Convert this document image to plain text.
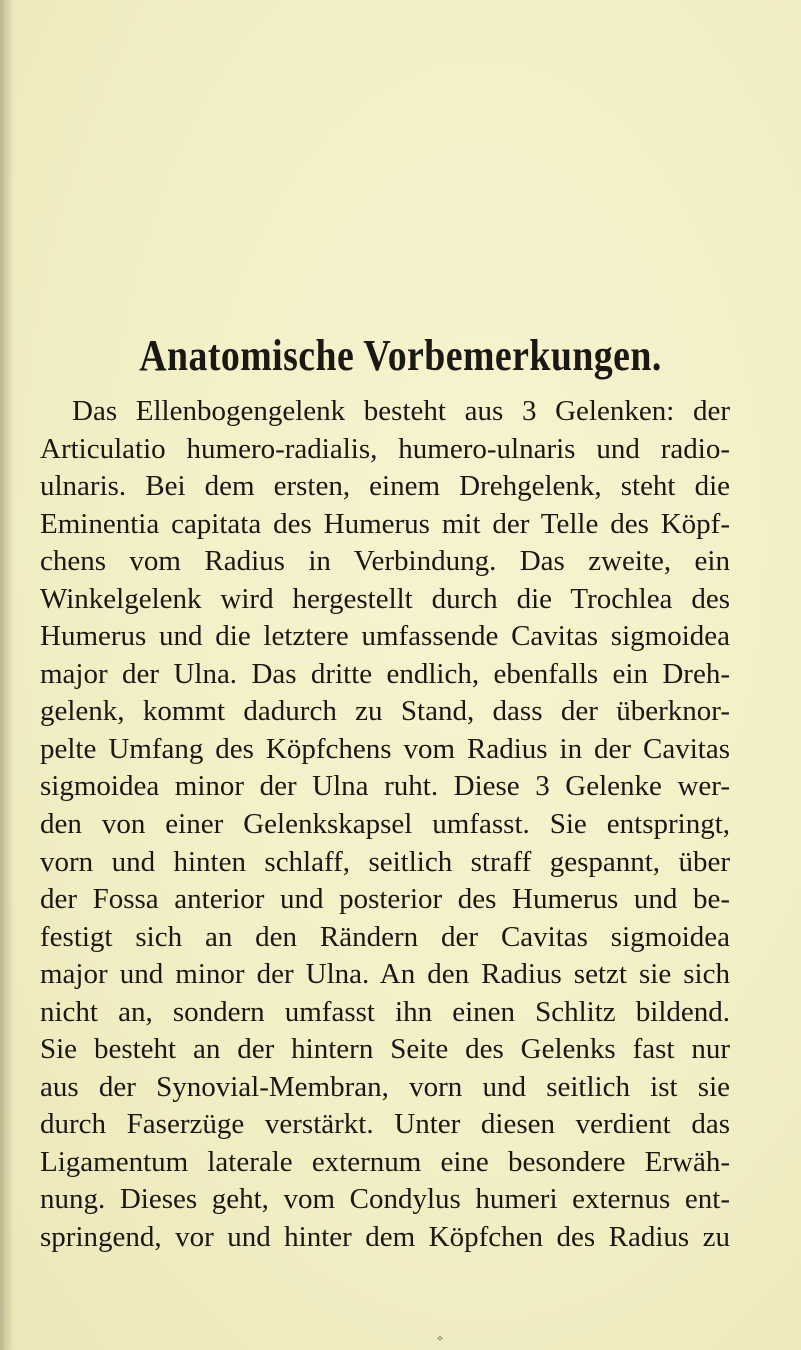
Anatomische Vorbemerkungen.
Das Ellenbogengelenk besteht aus 3 Gelenken: der
Articulatio humero-radialis, humero-ulnaris und radio-
ulnaris. Bei dem ersten, einem Drehgelenk, steht die
Eminentia capitata des Humerus mit der Telle des Köpf-
chens vom Radius in Verbindung. Das zweite, ein
Winkelgelenk wird hergestellt durch die Trochlea des
Humerus und die letztere umfassende Cavitas sigmoidea
major der Ulna. Das dritte endlich, ebenfalls ein Dreh-
gelenk, kommt dadurch zu Stand, dass der überknor-
pelte Umfang des Köpfchens vom Radius in der Cavitas
sigmoidea minor der Ulna ruht. Diese 3 Gelenke wer-
den von einer Gelenkskapsel umfasst. Sie entspringt,
vorn und hinten schlaff, seitlich straff gespannt, über
der Fossa anterior und posterior des Humerus und be-
festigt sich an den Rändern der Cavitas sigmoidea
major und minor der Ulna. An den Radius setzt sie sich
nicht an, sondern umfasst ihn einen Schlitz bildend.
Sie besteht an der hintern Seite des Gelenks fast nur
aus der Synovial-Membran, vorn und seitlich ist sie
durch Faserzüge verstärkt. Unter diesen verdient das
Ligamentum laterale externum eine besondere Erwäh-
nung. Dieses geht, vom Condylus humeri externus ent-
springend, vor und hinter dem Köpfchen des Radius zu
⟡
